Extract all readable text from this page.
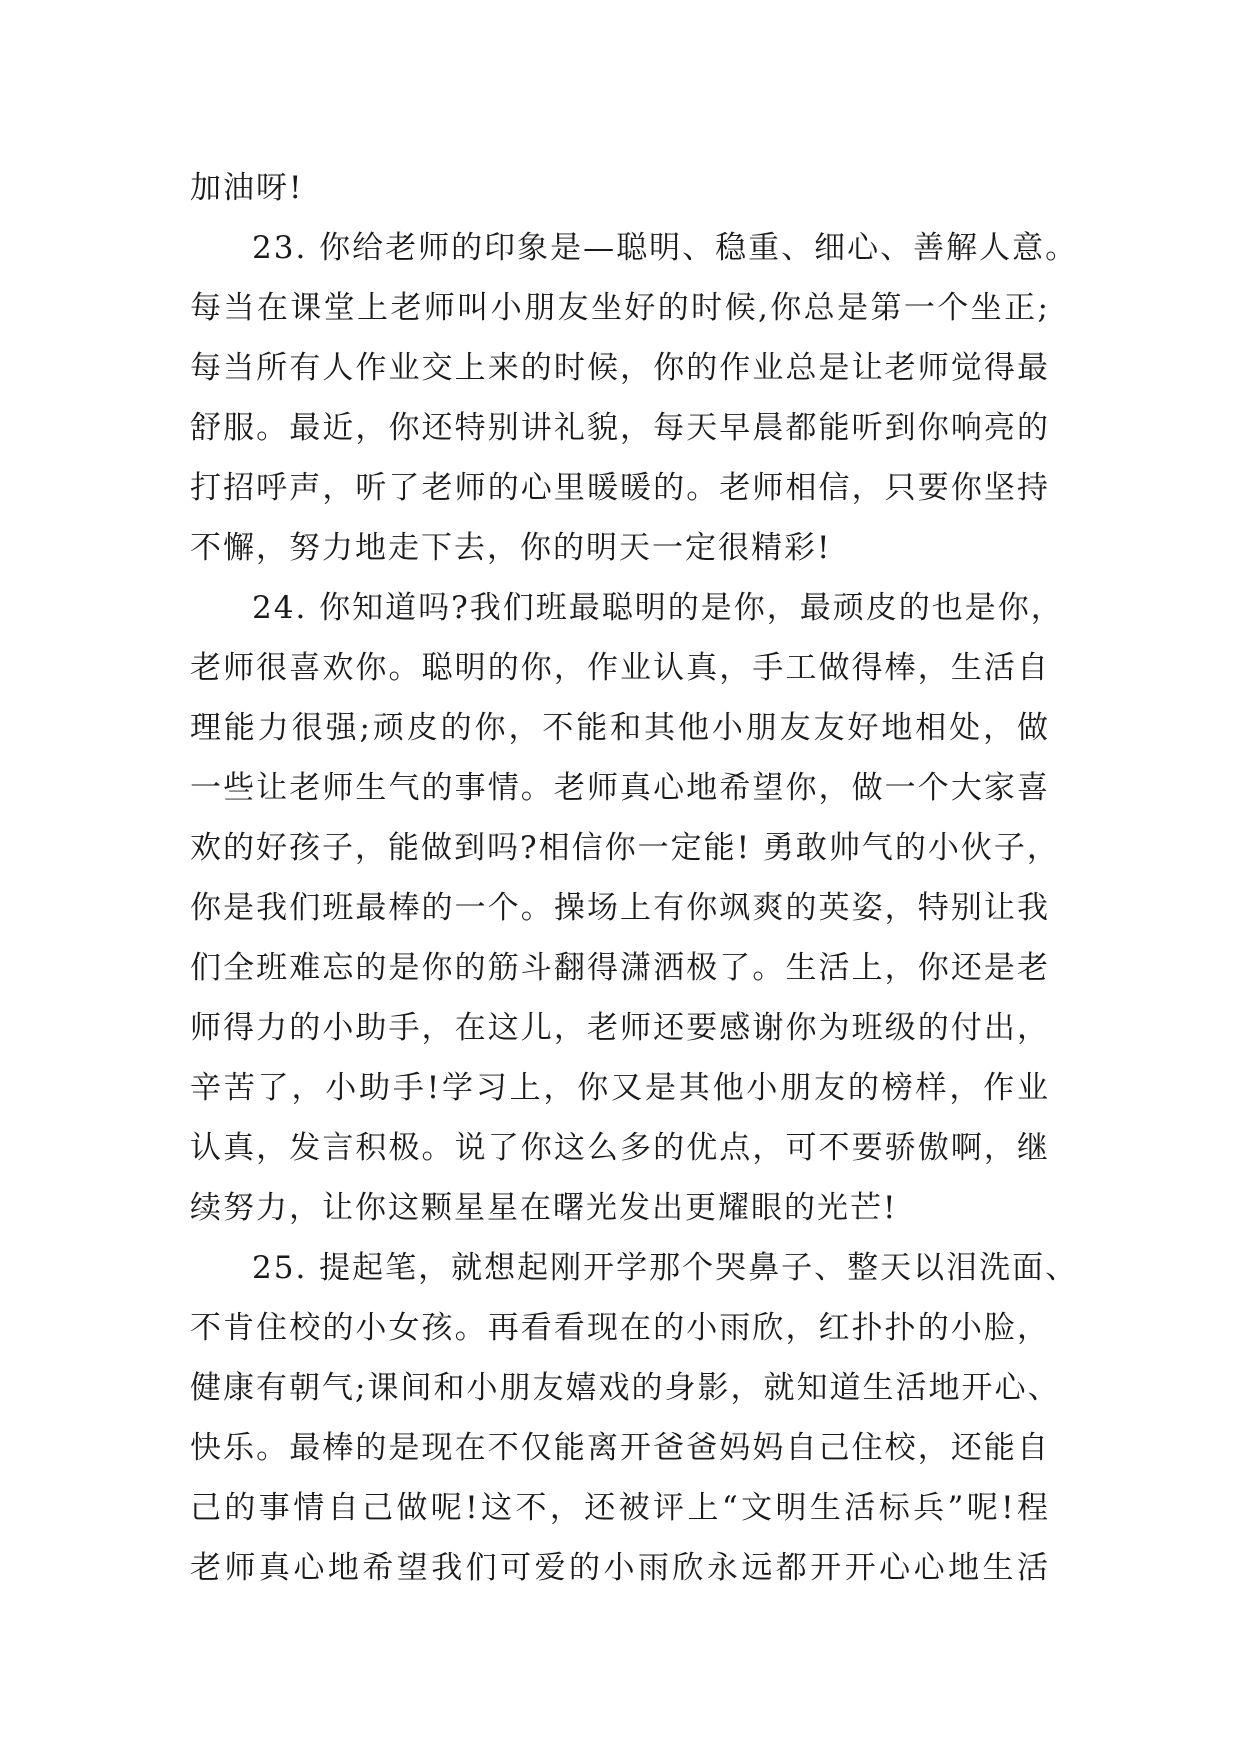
加油呀!
23. 你给老师的印象是—聪明、稳重、细心、善解人意。
每当在课堂上老师叫小朋友坐好的时候,你总是第一个坐正;
每当所有人作业交上来的时候，你的作业总是让老师觉得最
舒服。最近，你还特别讲礼貌，每天早晨都能听到你响亮的
打招呼声，听了老师的心里暖暖的。老师相信，只要你坚持
不懈，努力地走下去，你的明天一定很精彩!
24. 你知道吗?我们班最聪明的是你，最顽皮的也是你，
老师很喜欢你。聪明的你，作业认真，手工做得棒，生活自
理能力很强;顽皮的你，不能和其他小朋友友好地相处，做
一些让老师生气的事情。老师真心地希望你，做一个大家喜
欢的好孩子，能做到吗?相信你一定能! 勇敢帅气的小伙子，
你是我们班最棒的一个。操场上有你飒爽的英姿，特别让我
们全班难忘的是你的筋斗翻得潇洒极了。生活上，你还是老
师得力的小助手，在这儿，老师还要感谢你为班级的付出，
辛苦了，小助手!学习上，你又是其他小朋友的榜样，作业
认真，发言积极。说了你这么多的优点，可不要骄傲啊，继
续努力，让你这颗星星在曙光发出更耀眼的光芒!
25. 提起笔，就想起刚开学那个哭鼻子、整天以泪洗面、
不肯住校的小女孩。再看看现在的小雨欣，红扑扑的小脸，
健康有朝气;课间和小朋友嬉戏的身影，就知道生活地开心、
快乐。最棒的是现在不仅能离开爸爸妈妈自己住校，还能自
己的事情自己做呢!这不，还被评上“文明生活标兵”呢!程
老师真心地希望我们可爱的小雨欣永远都开开心心地生活
